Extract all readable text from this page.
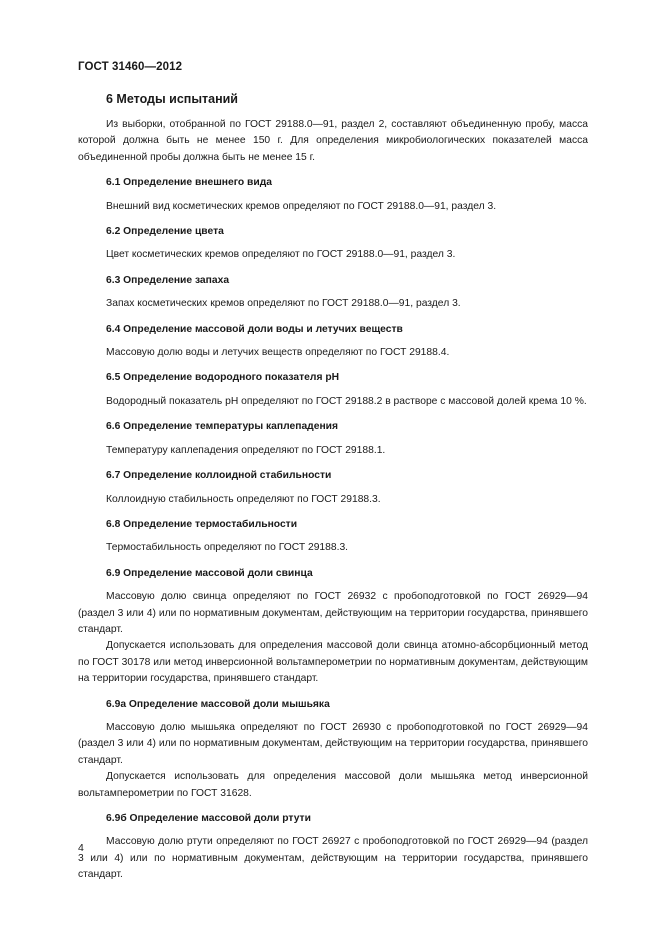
ГОСТ 31460—2012
6 Методы испытаний

Из выборки, отобранной по ГОСТ 29188.0—91, раздел 2, составляют объединенную пробу, масса которой должна быть не менее 150 г. Для определения микробиологических показателей масса объединенной пробы должна быть не менее 15 г.

6.1 Определение внешнего вида

Внешний вид косметических кремов определяют по ГОСТ 29188.0—91, раздел 3.

6.2 Определение цвета

Цвет косметических кремов определяют по ГОСТ 29188.0—91, раздел 3.

6.3 Определение запаха

Запах косметических кремов определяют по ГОСТ 29188.0—91, раздел 3.

6.4 Определение массовой доли воды и летучих веществ

Массовую долю воды и летучих веществ определяют по ГОСТ 29188.4.

6.5 Определение водородного показателя pH

Водородный показатель pH определяют по ГОСТ 29188.2 в растворе с массовой долей крема 10 %.

6.6 Определение температуры каплепадения

Температуру каплепадения определяют по ГОСТ 29188.1.

6.7 Определение коллоидной стабильности

Коллоидную стабильность определяют по ГОСТ 29188.3.

6.8 Определение термостабильности

Термостабильность определяют по ГОСТ 29188.3.

6.9 Определение массовой доли свинца

Массовую долю свинца определяют по ГОСТ 26932 с пробоподготовкой по ГОСТ 26929—94 (раздел 3 или 4) или по нормативным документам, действующим на территории государства, принявшего стандарт.

Допускается использовать для определения массовой доли свинца атомно-абсорбционный метод по ГОСТ 30178 или метод инверсионной вольтамперометрии по нормативным документам, действующим на территории государства, принявшего стандарт.

6.9а Определение массовой доли мышьяка

Массовую долю мышьяка определяют по ГОСТ 26930 с пробоподготовкой по ГОСТ 26929—94 (раздел 3 или 4) или по нормативным документам, действующим на территории государства, принявшего стандарт.

Допускается использовать для определения массовой доли мышьяка метод инверсионной вольтамперометрии по ГОСТ 31628.

6.9б Определение массовой доли ртути

Массовую долю ртути определяют по ГОСТ 26927 с пробоподготовкой по ГОСТ 26929—94 (раздел 3 или 4) или по нормативным документам, действующим на территории государства, принявшего стандарт.

4
